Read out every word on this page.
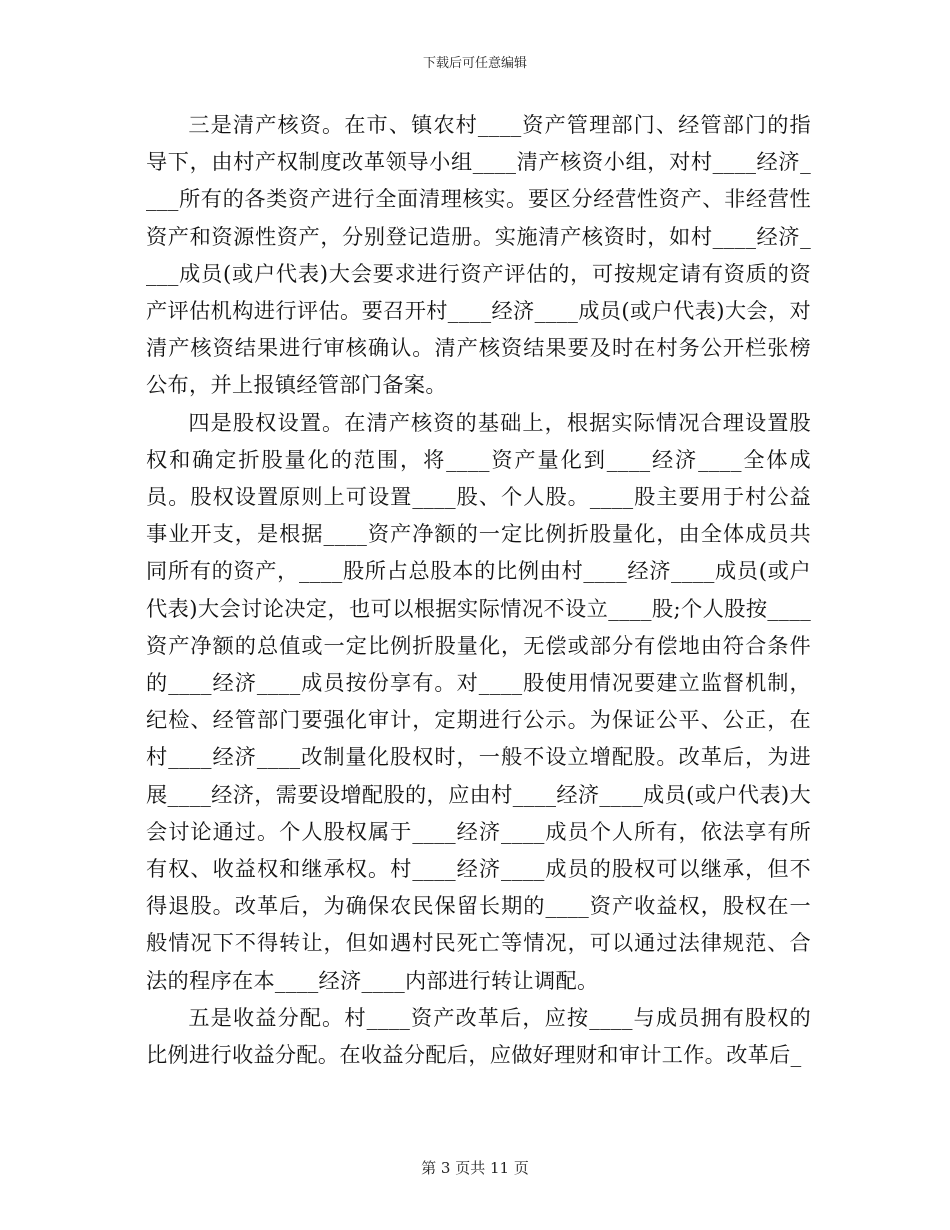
下载后可任意编辑

三是清产核资。在市、镇农村____资产管理部门、经管部门的指导下，由村产权制度改革领导小组____清产核资小组，对村____经济____所有的各类资产进行全面清理核实。要区分经营性资产、非经营性资产和资源性资产，分别登记造册。实施清产核资时，如村____经济____成员(或户代表)大会要求进行资产评估的，可按规定请有资质的资产评估机构进行评估。要召开村____经济____成员(或户代表)大会，对清产核资结果进行审核确认。清产核资结果要及时在村务公开栏张榜公布，并上报镇经管部门备案。

四是股权设置。在清产核资的基础上，根据实际情况合理设置股权和确定折股量化的范围，将____资产量化到____经济____全体成员。股权设置原则上可设置____股、个人股。____股主要用于村公益事业开支，是根据____资产净额的一定比例折股量化，由全体成员共同所有的资产，____股所占总股本的比例由村____经济____成员(或户代表)大会讨论决定，也可以根据实际情况不设立____股;个人股按____资产净额的总值或一定比例折股量化，无偿或部分有偿地由符合条件的____经济____成员按份享有。对____股使用情况要建立监督机制，纪检、经管部门要强化审计，定期进行公示。为保证公平、公正，在村____经济____改制量化股权时，一般不设立增配股。改革后，为进展____经济，需要设增配股的，应由村____经济____成员(或户代表)大会讨论通过。个人股权属于____经济____成员个人所有，依法享有所有权、收益权和继承权。村____经济____成员的股权可以继承，但不得退股。改革后，为确保农民保留长期的____资产收益权，股权在一般情况下不得转让，但如遇村民死亡等情况，可以通过法律规范、合法的程序在本____经济____内部进行转让调配。

五是收益分配。村____资产改革后，应按____与成员拥有股权的比例进行收益分配。在收益分配后，应做好理财和审计工作。改革后_

第 3 页共 11 页
